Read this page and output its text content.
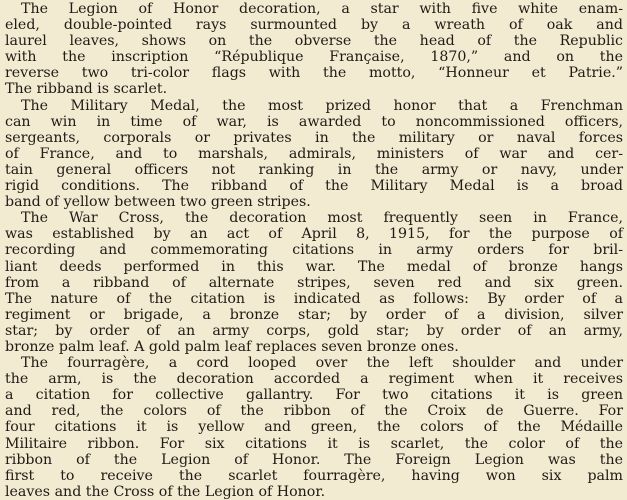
The Legion of Honor decoration, a star with five white enam-
eled, double-pointed rays surmounted by a wreath of oak and
laurel leaves, shows on the obverse the head of the Republic
with the inscription “République Française, 1870,” and on the
reverse two tri-color flags with the motto, “Honneur et Patrie.”
The ribband is scarlet.
The Military Medal, the most prized honor that a Frenchman
can win in time of war, is awarded to noncommissioned officers,
sergeants, corporals or privates in the military or naval forces
of France, and to marshals, admirals, ministers of war and cer-
tain general officers not ranking in the army or navy, under
rigid conditions. The ribband of the Military Medal is a broad
band of yellow between two green stripes.
The War Cross, the decoration most frequently seen in France,
was established by an act of April 8, 1915, for the purpose of
recording and commemorating citations in army orders for bril-
liant deeds performed in this war. The medal of bronze hangs
from a ribband of alternate stripes, seven red and six green.
The nature of the citation is indicated as follows: By order of a
regiment or brigade, a bronze star; by order of a division, silver
star; by order of an army corps, gold star; by order of an army,
bronze palm leaf. A gold palm leaf replaces seven bronze ones.
The fourragère, a cord looped over the left shoulder and under
the arm, is the decoration accorded a regiment when it receives
a citation for collective gallantry. For two citations it is green
and red, the colors of the ribbon of the Croix de Guerre. For
four citations it is yellow and green, the colors of the Médaille
Militaire ribbon. For six citations it is scarlet, the color of the
ribbon of the Legion of Honor. The Foreign Legion was the
first to receive the scarlet fourragère, having won six palm
leaves and the Cross of the Legion of Honor.
